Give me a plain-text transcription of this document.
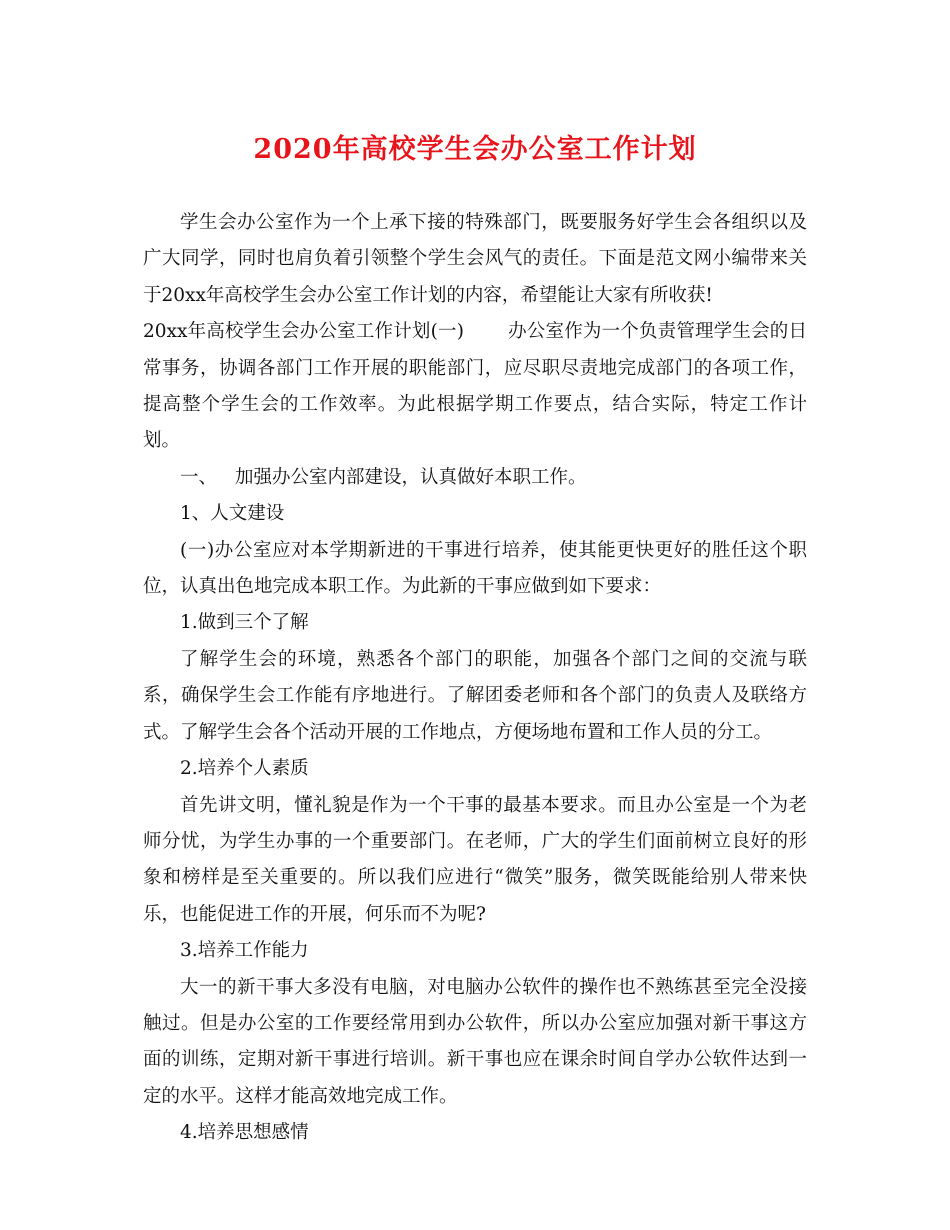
2020年高校学生会办公室工作计划

学生会办公室作为一个上承下接的特殊部门，既要服务好学生会各组织以及广大同学，同时也肩负着引领整个学生会风气的责任。下面是范文网小编带来关于20xx年高校学生会办公室工作计划的内容，希望能让大家有所收获!

20xx年高校学生会办公室工作计划(一) 办公室作为一个负责管理学生会的日常事务，协调各部门工作开展的职能部门，应尽职尽责地完成部门的各项工作，提高整个学生会的工作效率。为此根据学期工作要点，结合实际，特定工作计划。

一、 加强办公室内部建设，认真做好本职工作。

1、人文建设

(一)办公室应对本学期新进的干事进行培养，使其能更快更好的胜任这个职位，认真出色地完成本职工作。为此新的干事应做到如下要求：

1.做到三个了解

了解学生会的环境，熟悉各个部门的职能，加强各个部门之间的交流与联系，确保学生会工作能有序地进行。了解团委老师和各个部门的负责人及联络方式。了解学生会各个活动开展的工作地点，方便场地布置和工作人员的分工。

2.培养个人素质

首先讲文明，懂礼貌是作为一个干事的最基本要求。而且办公室是一个为老师分忧，为学生办事的一个重要部门。在老师，广大的学生们面前树立良好的形象和榜样是至关重要的。所以我们应进行“微笑”服务，微笑既能给别人带来快乐，也能促进工作的开展，何乐而不为呢?

3.培养工作能力

大一的新干事大多没有电脑，对电脑办公软件的操作也不熟练甚至完全没接触过。但是办公室的工作要经常用到办公软件，所以办公室应加强对新干事这方面的训练，定期对新干事进行培训。新干事也应在课余时间自学办公软件达到一定的水平。这样才能高效地完成工作。

4.培养思想感情
